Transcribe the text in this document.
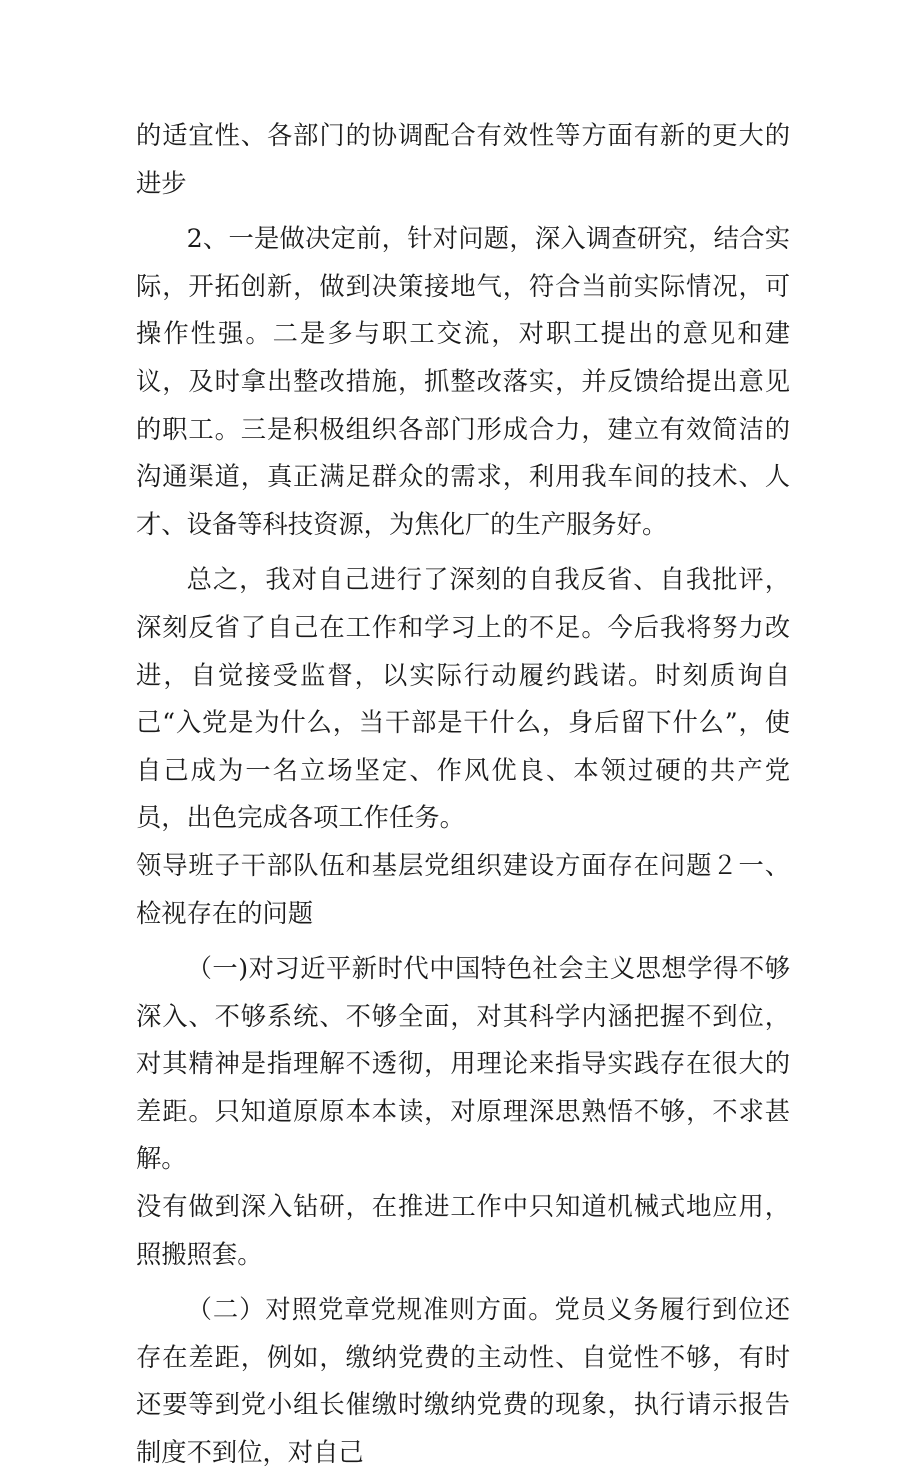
的适宜性、各部门的协调配合有效性等方面有新的更大的进步

2、一是做决定前，针对问题，深入调查研究，结合实际，开拓创新，做到决策接地气，符合当前实际情况，可操作性强。二是多与职工交流，对职工提出的意见和建议，及时拿出整改措施，抓整改落实，并反馈给提出意见的职工。三是积极组织各部门形成合力，建立有效简洁的沟通渠道，真正满足群众的需求，利用我车间的技术、人才、设备等科技资源，为焦化厂的生产服务好。

总之，我对自己进行了深刻的自我反省、自我批评，深刻反省了自己在工作和学习上的不足。今后我将努力改进，自觉接受监督，以实际行动履约践诺。时刻质询自己“入党是为什么，当干部是干什么，身后留下什么”，使自己成为一名立场坚定、作风优良、本领过硬的共产党员，出色完成各项工作任务。

领导班子干部队伍和基层党组织建设方面存在问题２一、检视存在的问题

（一)对习近平新时代中国特色社会主义思想学得不够深入、不够系统、不够全面，对其科学内涵把握不到位，对其精神是指理解不透彻，用理论来指导实践存在很大的差距。只知道原原本本读，对原理深思熟悟不够，不求甚解。

没有做到深入钻研，在推进工作中只知道机械式地应用，照搬照套。

（二）对照党章党规准则方面。党员义务履行到位还存在差距，例如，缴纳党费的主动性、自觉性不够，有时还要等到党小组长催缴时缴纳党费的现象，执行请示报告制度不到位，对自己
